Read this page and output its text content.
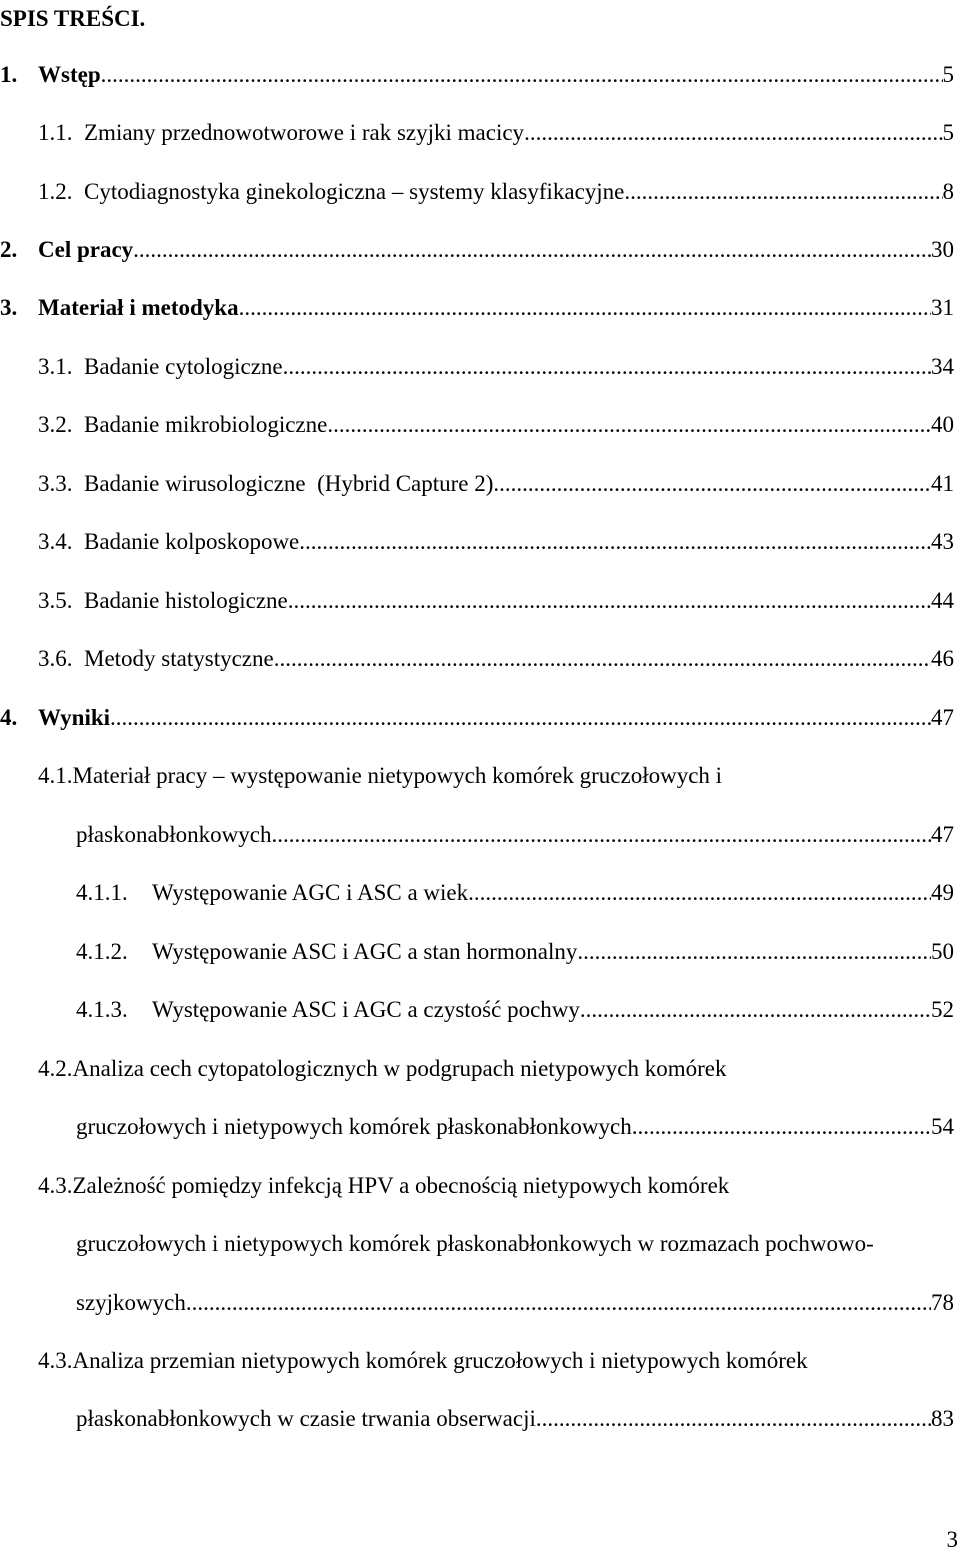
SPIS TREŚCI.
1. Wstęp .....	5
1.1. Zmiany przednowotworowe i rak szyjki macicy .....	5
1.2. Cytodiagnostyka ginekologiczna – systemy klasyfikacyjne .....	8
2. Cel pracy .....	30
3. Materiał i metodyka .....	31
3.1. Badanie cytologiczne .....	34
3.2. Badanie mikrobiologiczne .....	40
3.3. Badanie wirusologiczne  (Hybrid Capture 2) .....	41
3.4. Badanie kolposkopowe .....	43
3.5. Badanie histologiczne .....	44
3.6. Metody statystyczne .....	46
4. Wyniki .....	47
4.1.Materiał pracy – występowanie nietypowych komórek gruczołowych i
płaskonabłonkowych .....	47
4.1.1.	Występowanie AGC i ASC a wiek .....	49
4.1.2.	Występowanie ASC i AGC a stan hormonalny .....	50
4.1.3.	Występowanie ASC i AGC a czystość pochwy .....	52
4.2.Analiza cech cytopatologicznych w podgrupach nietypowych komórek
gruczołowych i nietypowych komórek płaskonabłonkowych .....	54
4.3.Zależność pomiędzy infekcją HPV a obecnością nietypowych komórek
gruczołowych i nietypowych komórek płaskonabłonkowych w rozmazach pochwowo-
szyjkowych .....	78
4.3.Analiza przemian nietypowych komórek gruczołowych i nietypowych komórek
płaskonabłonkowych w czasie trwania obserwacji .....	83
3
